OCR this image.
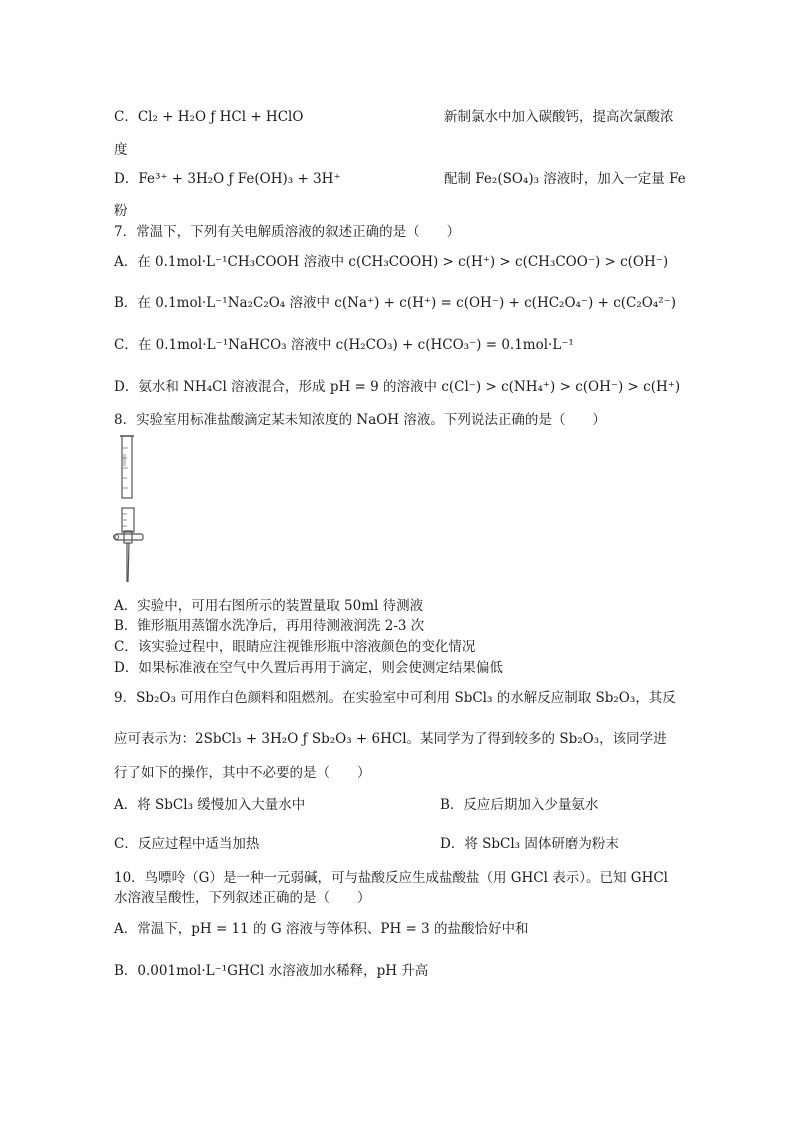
C．Cl₂ + H₂O ƒ HCl + HClO	新制氯水中加入碳酸钙，提高次氯酸浓
度
D．Fe³⁺ + 3H₂O ƒ Fe(OH)₃ + 3H⁺	配制 Fe₂(SO₄)₃ 溶液时，加入一定量 Fe
粉
7．常温下，下列有关电解质溶液的叙述正确的是（　　）
A．在 0.1mol·L⁻¹CH₃COOH 溶液中 c(CH₃COOH) > c(H⁺) > c(CH₃COO⁻) > c(OH⁻)
B．在 0.1mol·L⁻¹Na₂C₂O₄ 溶液中 c(Na⁺) + c(H⁺) = c(OH⁻) + c(HC₂O₄⁻) + c(C₂O₄²⁻)
C．在 0.1mol·L⁻¹NaHCO₃ 溶液中 c(H₂CO₃) + c(HCO₃⁻) = 0.1mol·L⁻¹
D．氨水和 NH₄Cl 溶液混合，形成 pH = 9 的溶液中 c(Cl⁻) > c(NH₄⁺) > c(OH⁻) > c(H⁺)
8．实验室用标准盐酸滴定某未知浓度的 NaOH 溶液。下列说法正确的是（　　）
A．实验中，可用右图所示的装置量取 50ml 待测液
B．锥形瓶用蒸馏水洗净后，再用待测液润洗 2-3 次
C．该实验过程中，眼睛应注视锥形瓶中溶液颜色的变化情况
D．如果标准液在空气中久置后再用于滴定，则会使测定结果偏低
9．Sb₂O₃ 可用作白色颜料和阻燃剂。在实验室中可利用 SbCl₃ 的水解反应制取 Sb₂O₃，其反
应可表示为：2SbCl₃ + 3H₂O ƒ Sb₂O₃ + 6HCl。某同学为了得到较多的 Sb₂O₃，该同学进
行了如下的操作，其中不必要的是（　　）
A．将 SbCl₃ 缓慢加入大量水中	B．反应后期加入少量氨水
C．反应过程中适当加热	D．将 SbCl₃ 固体研磨为粉末
10．鸟嘌呤（G）是一种一元弱碱，可与盐酸反应生成盐酸盐（用 GHCl 表示）。已知 GHCl
水溶液呈酸性，下列叙述正确的是（　　）
A．常温下，pH = 11 的 G 溶液与等体积、PH = 3 的盐酸恰好中和
B．0.001mol·L⁻¹GHCl 水溶液加水稀释，pH 升高
